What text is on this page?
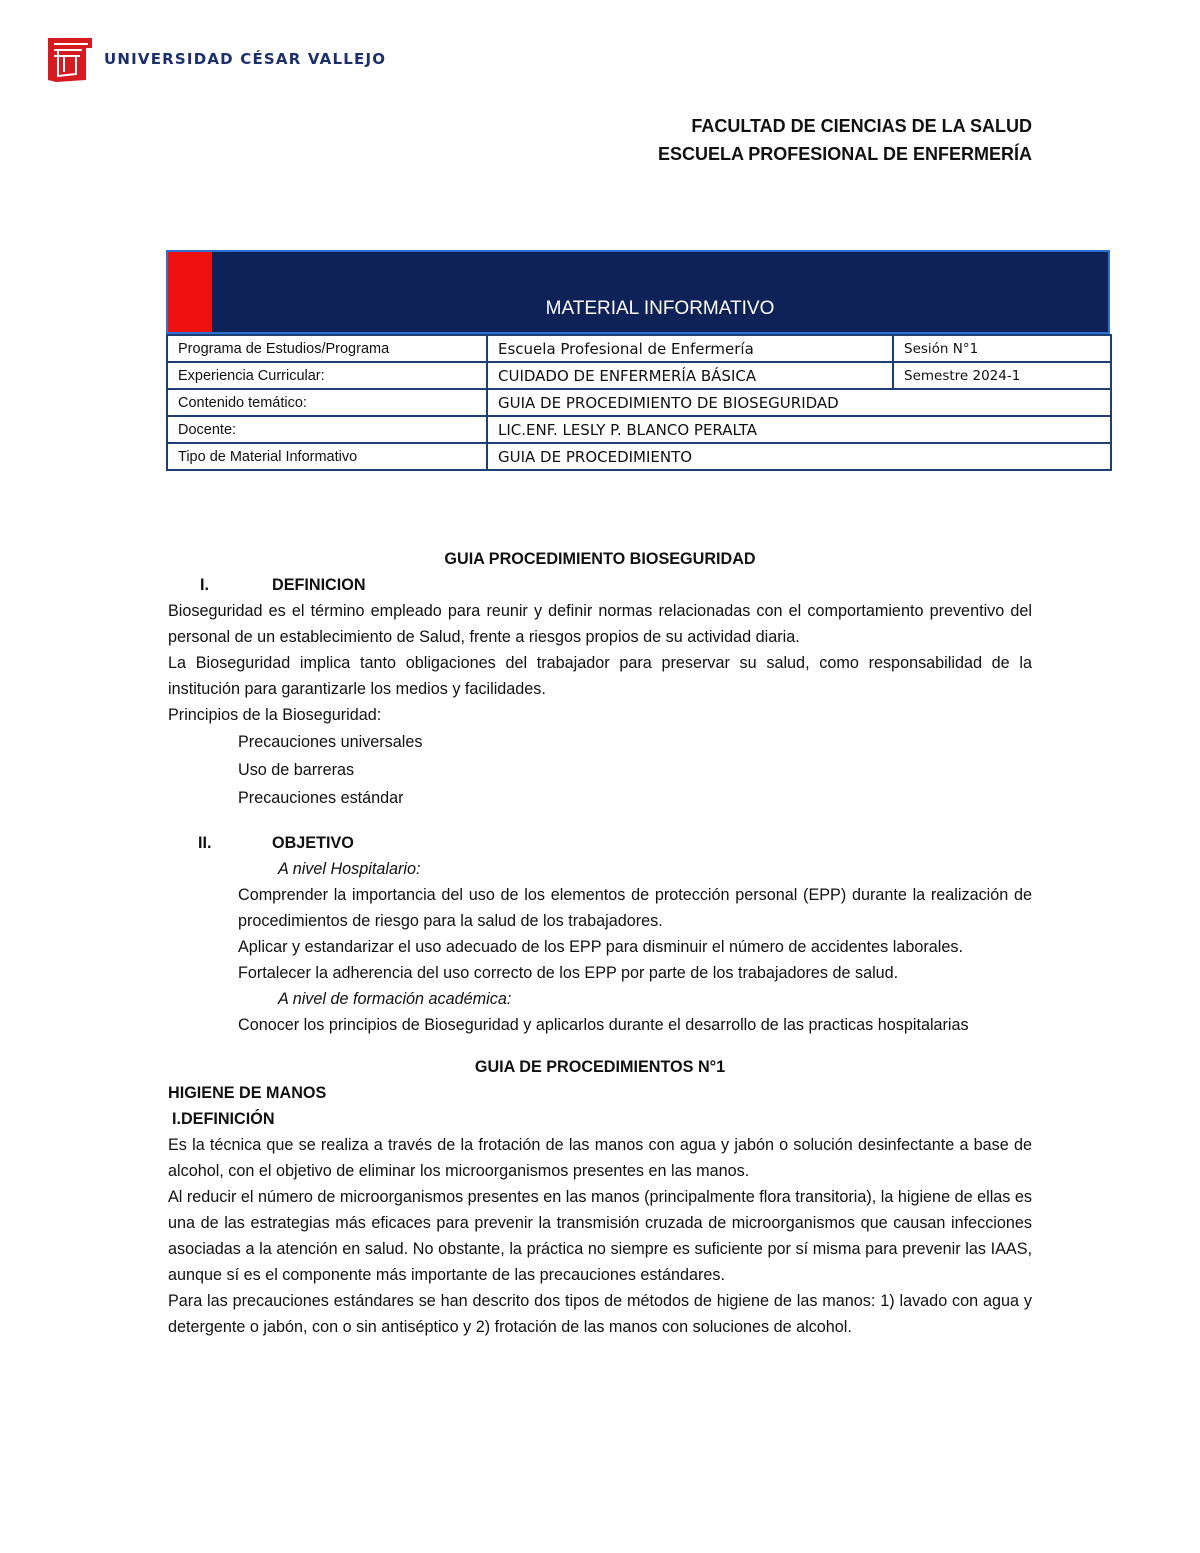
UNIVERSIDAD CÉSAR VALLEJO
FACULTAD DE CIENCIAS DE LA SALUD
ESCUELA PROFESIONAL DE ENFERMERÍA
MATERIAL INFORMATIVO
Programa de Estudios/Programa	Escuela Profesional de Enfermería	Sesión N°1
Experiencia Curricular:	CUIDADO DE ENFERMERÍA BÁSICA	Semestre 2024-1
Contenido temático:	GUIA DE PROCEDIMIENTO DE BIOSEGURIDAD	
Docente:	LIC.ENF. LESLY P. BLANCO PERALTA	
Tipo de Material Informativo	GUIA DE PROCEDIMIENTO	
GUIA PROCEDIMIENTO BIOSEGURIDAD
I.	DEFINICION

Bioseguridad es el término empleado para reunir y definir normas relacionadas con el comportamiento preventivo del personal de un establecimiento de Salud, frente a riesgos propios de su actividad diaria.

La Bioseguridad implica tanto obligaciones del trabajador para preservar su salud, como responsabilidad de la institución para garantizarle los medios y facilidades.

Principios de la Bioseguridad:

Precauciones universales
Uso de barreras
Precauciones estándar
II.	OBJETIVO
A nivel Hospitalario:

Comprender la importancia del uso de los elementos de protección personal (EPP) durante la realización de procedimientos de riesgo para la salud de los trabajadores.

Aplicar y estandarizar el uso adecuado de los EPP para disminuir el número de accidentes laborales.

Fortalecer la adherencia del uso correcto de los EPP por parte de los trabajadores de salud.

A nivel de formación académica:

Conocer los principios de Bioseguridad y aplicarlos durante el desarrollo de las practicas hospitalarias

GUIA DE PROCEDIMIENTOS N°1
HIGIENE DE MANOS
I.DEFINICIÓN

Es la técnica que se realiza a través de la frotación de las manos con agua y jabón o solución desinfectante a base de alcohol, con el objetivo de eliminar los microorganismos presentes en las manos.

Al reducir el número de microorganismos presentes en las manos (principalmente flora transitoria), la higiene de ellas es una de las estrategias más eficaces para prevenir la transmisión cruzada de microorganismos que causan infecciones asociadas a la atención en salud. No obstante, la práctica no siempre es suficiente por sí misma para prevenir las IAAS, aunque sí es el componente más importante de las precauciones estándares.

Para las precauciones estándares se han descrito dos tipos de métodos de higiene de las manos: 1) lavado con agua y detergente o jabón, con o sin antiséptico y 2) frotación de las manos con soluciones de alcohol.
